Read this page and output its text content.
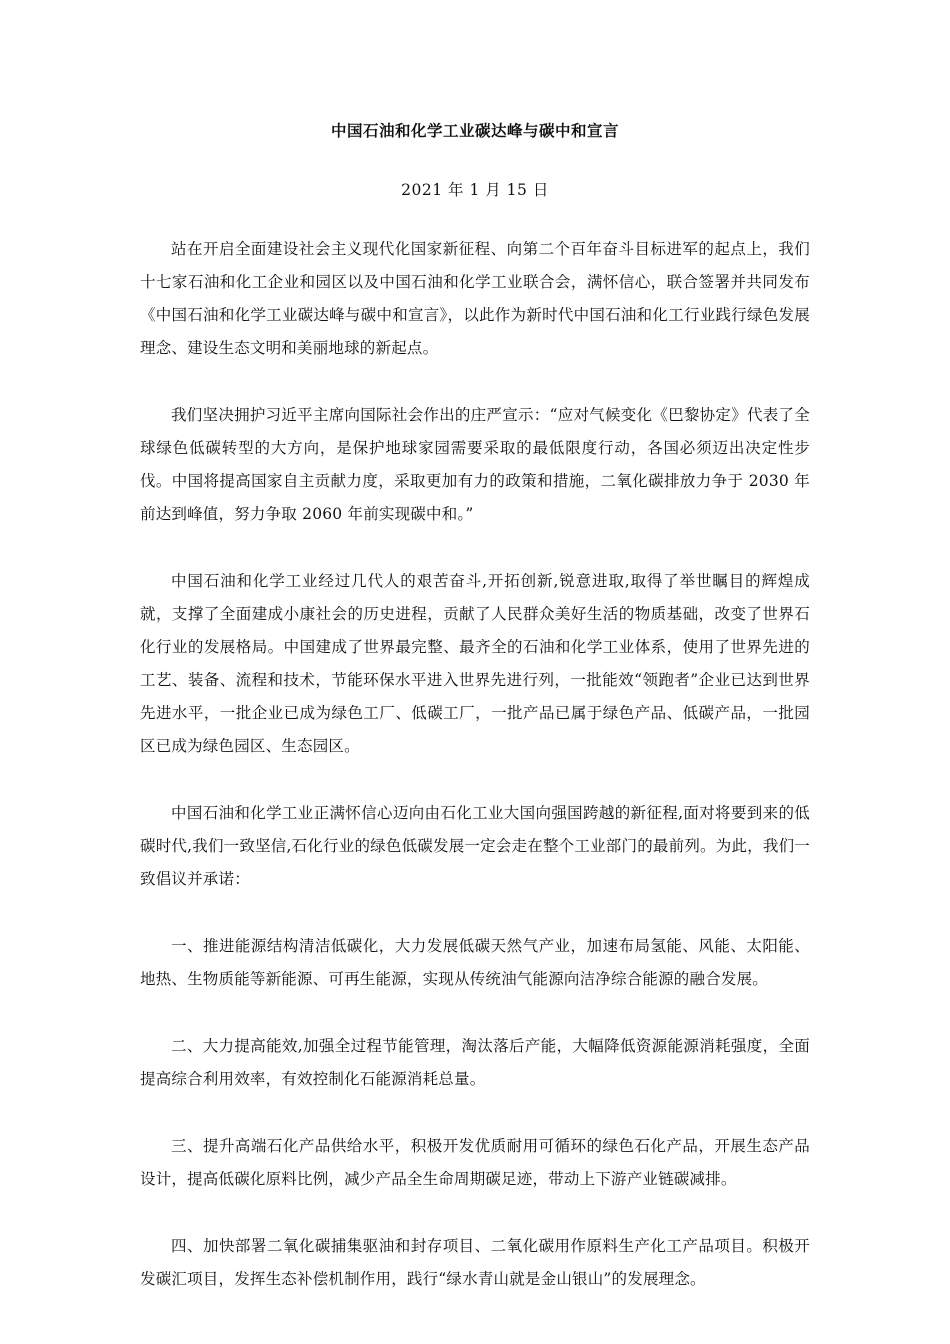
中国石油和化学工业碳达峰与碳中和宣言
2021 年 1 月 15 日

站在开启全面建设社会主义现代化国家新征程、向第二个百年奋斗目标进军的起点上，我们十七家石油和化工企业和园区以及中国石油和化学工业联合会，满怀信心，联合签署并共同发布《中国石油和化学工业碳达峰与碳中和宣言》，以此作为新时代中国石油和化工行业践行绿色发展理念、建设生态文明和美丽地球的新起点。

我们坚决拥护习近平主席向国际社会作出的庄严宣示：“应对气候变化《巴黎协定》代表了全球绿色低碳转型的大方向，是保护地球家园需要采取的最低限度行动，各国必须迈出决定性步伐。中国将提高国家自主贡献力度，采取更加有力的政策和措施，二氧化碳排放力争于 2030 年前达到峰值，努力争取 2060 年前实现碳中和。”

中国石油和化学工业经过几代人的艰苦奋斗,开拓创新,锐意进取,取得了举世瞩目的辉煌成就，支撑了全面建成小康社会的历史进程，贡献了人民群众美好生活的物质基础，改变了世界石化行业的发展格局。中国建成了世界最完整、最齐全的石油和化学工业体系，使用了世界先进的工艺、装备、流程和技术，节能环保水平进入世界先进行列，一批能效“领跑者”企业已达到世界先进水平，一批企业已成为绿色工厂、低碳工厂，一批产品已属于绿色产品、低碳产品，一批园区已成为绿色园区、生态园区。

中国石油和化学工业正满怀信心迈向由石化工业大国向强国跨越的新征程,面对将要到来的低碳时代,我们一致坚信,石化行业的绿色低碳发展一定会走在整个工业部门的最前列。为此，我们一致倡议并承诺：

一、推进能源结构清洁低碳化，大力发展低碳天然气产业，加速布局氢能、风能、太阳能、地热、生物质能等新能源、可再生能源，实现从传统油气能源向洁净综合能源的融合发展。

二、大力提高能效,加强全过程节能管理，淘汰落后产能，大幅降低资源能源消耗强度，全面提高综合利用效率，有效控制化石能源消耗总量。

三、提升高端石化产品供给水平，积极开发优质耐用可循环的绿色石化产品，开展生态产品设计，提高低碳化原料比例，减少产品全生命周期碳足迹，带动上下游产业链碳减排。

四、加快部署二氧化碳捕集驱油和封存项目、二氧化碳用作原料生产化工产品项目。积极开发碳汇项目，发挥生态补偿机制作用，践行“绿水青山就是金山银山”的发展理念。
